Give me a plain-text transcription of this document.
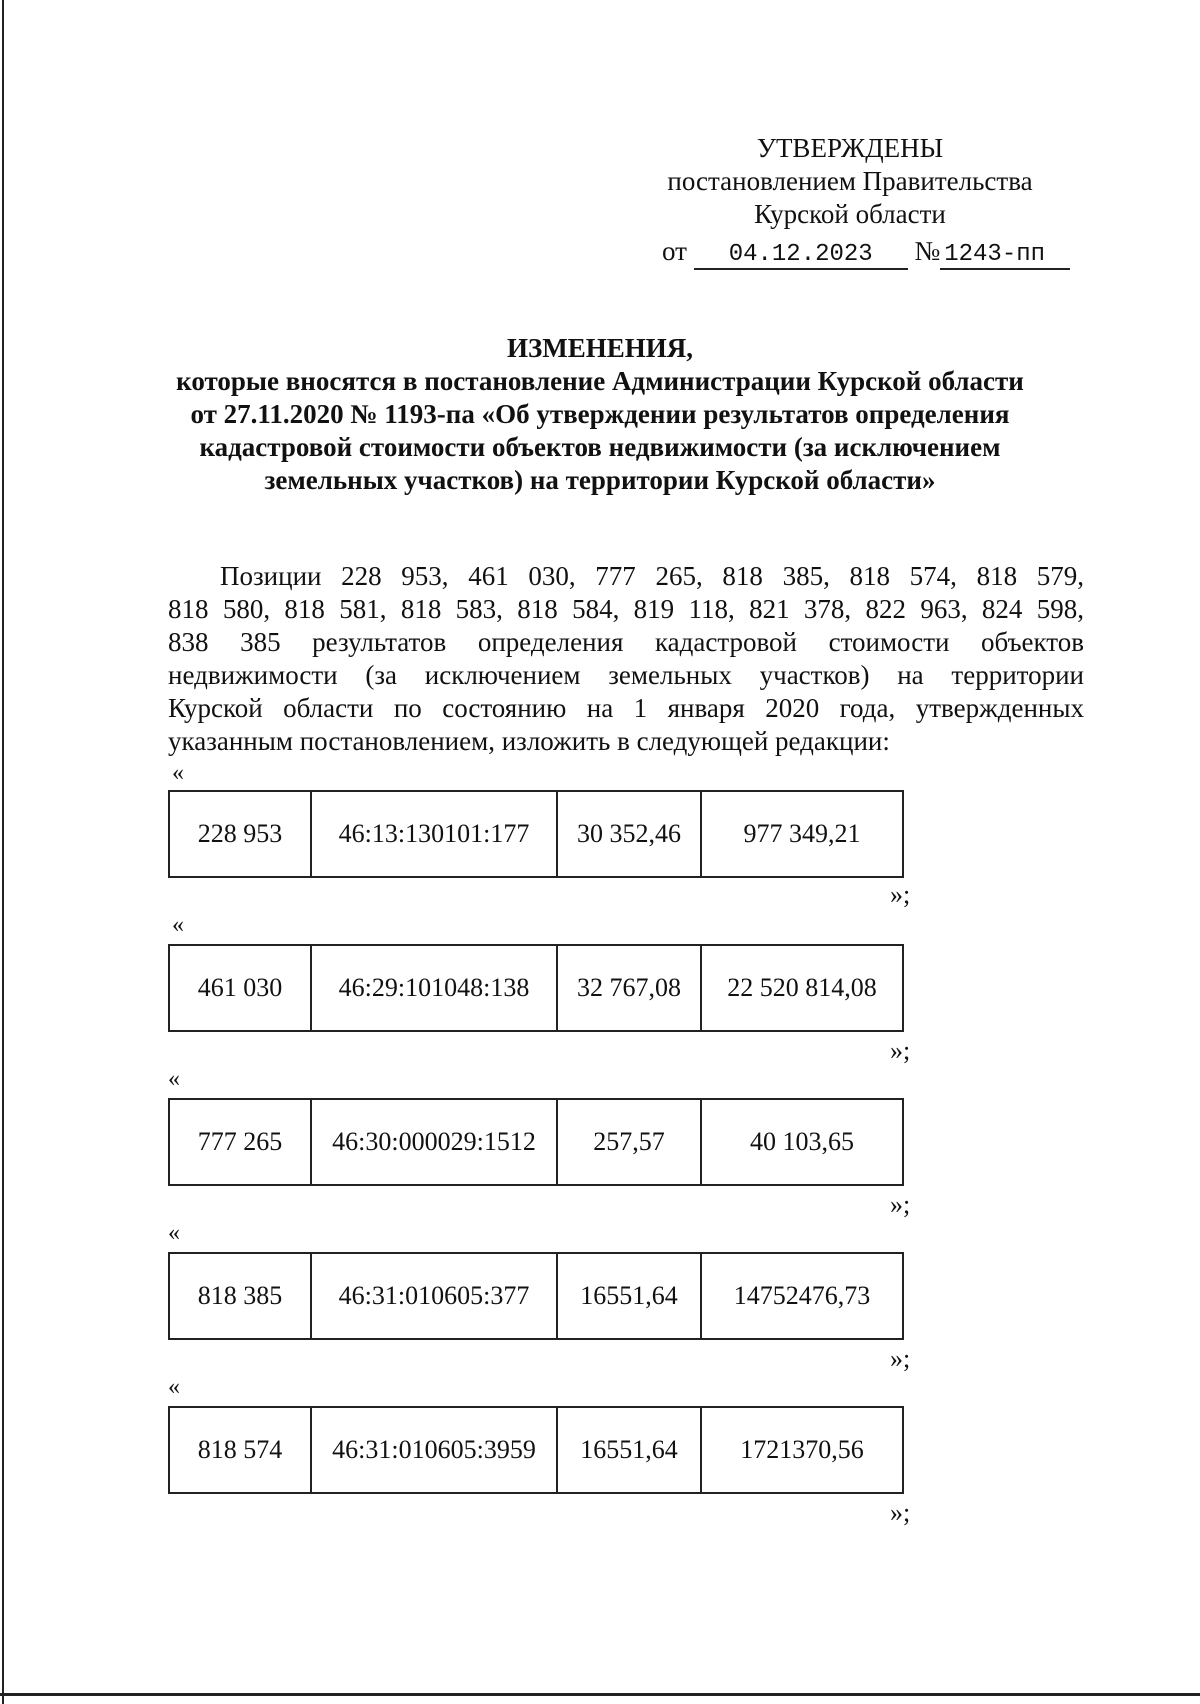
УТВЕРЖДЕНЫ
постановлением Правительства
Курской области
от 04.12.2023 № 1243-пп
ИЗМЕНЕНИЯ,
которые вносятся в постановление Администрации Курской области
от 27.11.2020 № 1193-па «Об утверждении результатов определения
кадастровой стоимости объектов недвижимости (за исключением
земельных участков) на территории Курской области»
Позиции 228 953, 461 030, 777 265, 818 385, 818 574, 818 579,
818 580, 818 581, 818 583, 818 584, 819 118, 821 378, 822 963, 824 598,
838 385 результатов определения кадастровой стоимости объектов
недвижимости (за исключением земельных участков) на территории
Курской области по состоянию на 1 января 2020 года, утвержденных
указанным постановлением, изложить в следующей редакции:
«
228 953	46:13:130101:177	30 352,46	977 349,21
»;
«
461 030	46:29:101048:138	32 767,08	22 520 814,08
»;
«
777 265	46:30:000029:1512	257,57	40 103,65
»;
«
818 385	46:31:010605:377	16551,64	14752476,73
»;
«
818 574	46:31:010605:3959	16551,64	1721370,56
»;
